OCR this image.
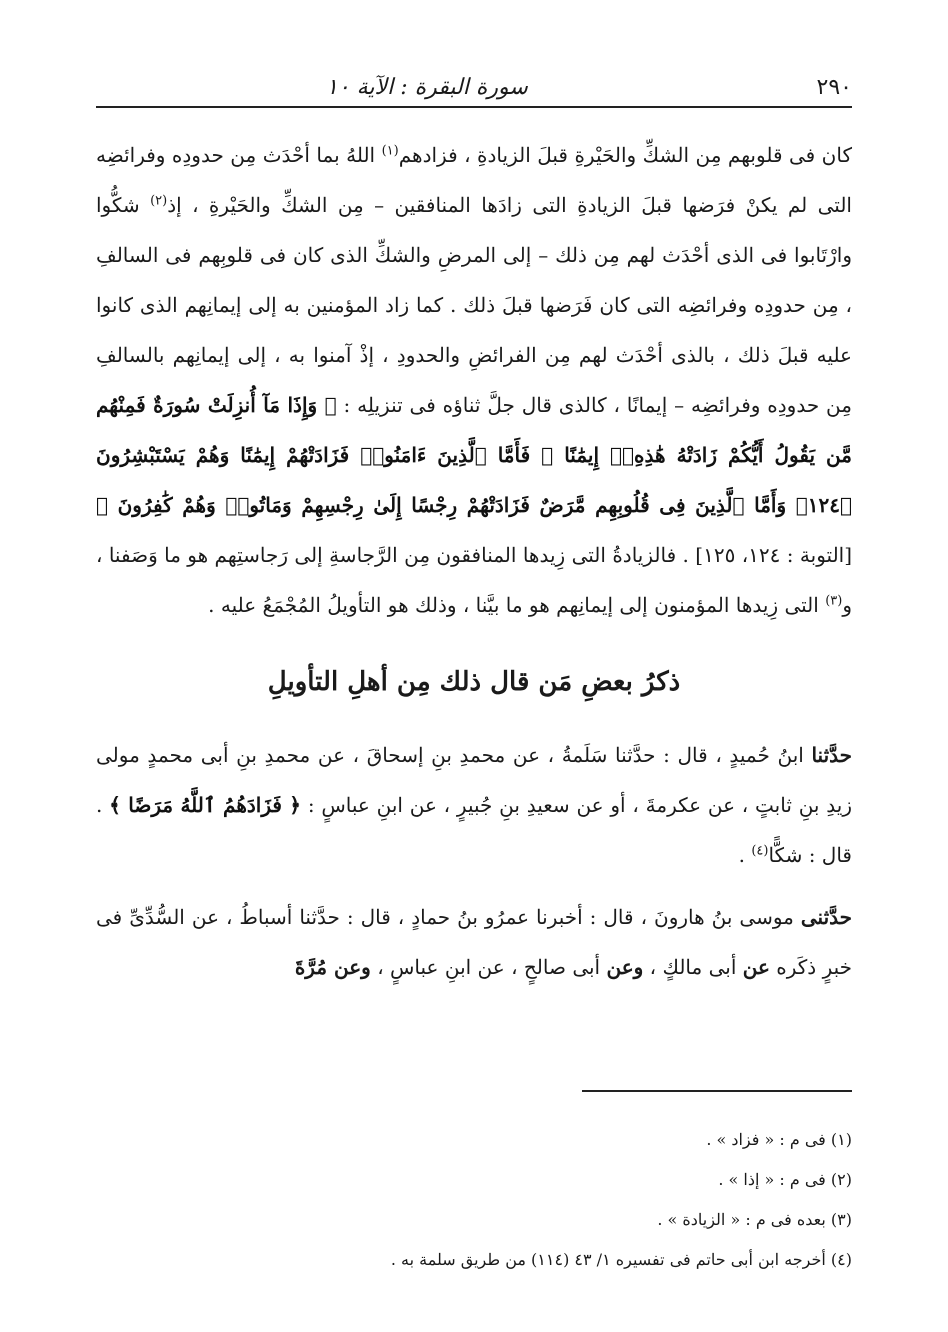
٢٩٠
سورة البقرة : الآية ١٠

كان فى قلوبهم مِن الشكِّ والحَيْرةِ قبلَ الزيادةِ ، فزادهم$^{(١)}$ اللهُ بما أحْدَث مِن حدودِه وفرائضِه التى لم يكنْ فرَضها قبلَ الزيادةِ التى زادَها المنافقين – مِن الشكِّ والحَيْرةِ ، إذ$^{(٢)}$ شكُّوا وارْتَابوا فى الذى أحْدَث لهم مِن ذلك – إلى المرضِ والشكِّ الذى كان فى قلوبِهم فى السالفِ ، مِن حدودِه وفرائضِه التى كان فَرَضها قبلَ ذلك . كما زاد المؤمنين به إلى إيمانِهم الذى كانوا عليه قبلَ ذلك ، بالذى أحْدَث لهم مِن الفرائضِ والحدودِ ، إذْ آمنوا به ، إلى إيمانِهم بالسالفِ مِن حدودِه وفرائضِه – إيمانًا ، كالذى قال جلَّ ثناؤه فى تنزيلِه : ﴿ وَإِذَا مَآ أُنزِلَتْ سُورَةٌ فَمِنْهُم مَّن يَقُولُ أَيُّكُمْ زَادَتْهُ هَٰذِهِۦٓ إِيمَٰنًا ۚ فَأَمَّا ٱلَّذِينَ ءَامَنُوا۟ فَزَادَتْهُمْ إِيمَٰنًا وَهُمْ يَسْتَبْشِرُونَ ﴿١٢٤﴾ وَأَمَّا ٱلَّذِينَ فِى قُلُوبِهِم مَّرَضٌ فَزَادَتْهُمْ رِجْسًا إِلَىٰ رِجْسِهِمْ وَمَاتُوا۟ وَهُمْ كَٰفِرُونَ ﴾ [التوبة : ١٢٤، ١٢٥] . فالزيادةُ التى زِيدها المنافقون مِن الرَّجاسةِ إلى رَجاستِهم هو ما وَصَفنا ، و$^{(٣)}$ التى زِيدها المؤمنون إلى إيمانِهم هو ما بيَّنا ، وذلك هو التأويلُ المُجْمَعُ عليه .

ذكرُ بعضِ مَن قال ذلك مِن أهلِ التأويلِ

حدَّثنا ابنُ حُميدٍ ، قال : حدَّثنا سَلَمةُ ، عن محمدِ بنِ إسحاقَ ، عن محمدِ بنِ أبى محمدٍ مولى زيدِ بنِ ثابتٍ ، عن عكرمةَ ، أو عن سعيدِ بنِ جُبيرٍ ، عن ابنِ عباسٍ : ﴿ فَزَادَهُمُ ٱللَّهُ مَرَضًا ﴾ . قال : شكًّا$^{(٤)}$ .

حدَّثنى موسى بنُ هارونَ ، قال : أخبرنا عمرُو بنُ حمادٍ ، قال : حدَّثنا أسباطُ ، عن السُّدِّىِّ فى خبرٍ ذكَره عن أبى مالكٍ ، وعن أبى صالحٍ ، عن ابنِ عباسٍ ، وعن مُرَّةَ

(١) فى م : « فزاد » .
(٢) فى م : « إذا » .
(٣) بعده فى م : « الزيادة » .
(٤) أخرجه ابن أبى حاتم فى تفسيره ١/ ٤٣ (١١٤) من طريق سلمة به .
